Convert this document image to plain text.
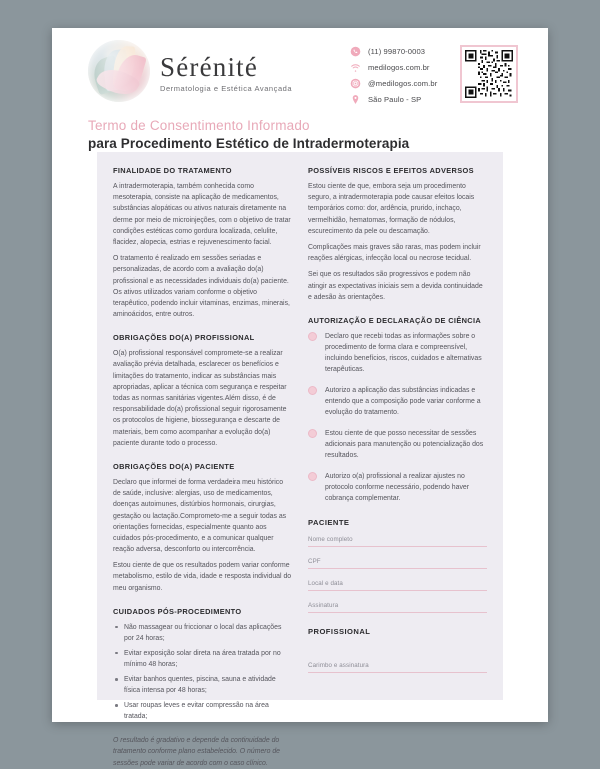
Sérénité
Dermatologia e Estética Avançada
(11) 99870-0003
medilogos.com.br
@medilogos.com.br
São Paulo - SP
Termo de Consentimento Informado
para Procedimento Estético de Intradermoterapia
FINALIDADE DO TRATAMENTO

A intradermoterapia, também conhecida como mesoterapia, consiste na aplicação de medicamentos, substâncias alopáticas ou ativos naturais diretamente na derme por meio de microinjeções, com o objetivo de tratar condições estéticas como gordura localizada, celulite, flacidez, alopecia, estrias e rejuvenescimento facial.

O tratamento é realizado em sessões seriadas e personalizadas, de acordo com a avaliação do(a) profissional e as necessidades individuais do(a) paciente. Os ativos utilizados variam conforme o objetivo terapêutico, podendo incluir vitaminas, enzimas, minerais, aminoácidos, entre outros.

OBRIGAÇÕES DO(A) PROFISSIONAL

O(a) profissional responsável compromete-se a realizar avaliação prévia detalhada, esclarecer os benefícios e limitações do tratamento, indicar as substâncias mais apropriadas, aplicar a técnica com segurança e respeitar todas as normas sanitárias vigentes.Além disso, é de responsabilidade do(a) profissional seguir rigorosamente os protocolos de higiene, biossegurança e descarte de materiais, bem como acompanhar a evolução do(a) paciente durante todo o processo.

OBRIGAÇÕES DO(A) PACIENTE

Declaro que informei de forma verdadeira meu histórico de saúde, inclusive: alergias, uso de medicamentos, doenças autoimunes, distúrbios hormonais, cirurgias, gestação ou lactação.Comprometo-me a seguir todas as orientações fornecidas, especialmente quanto aos cuidados pós-procedimento, e a comunicar qualquer reação adversa, desconforto ou intercorrência.

Estou ciente de que os resultados podem variar conforme metabolismo, estilo de vida, idade e resposta individual do meu organismo.

CUIDADOS PÓS-PROCEDIMENTO
Não massagear ou friccionar o local das aplicações por 24 horas;
Evitar exposição solar direta na área tratada por no mínimo 48 horas;
Evitar banhos quentes, piscina, sauna e atividade física intensa por 48 horas;
Usar roupas leves e evitar compressão na área tratada;

O resultado é gradativo e depende da continuidade do tratamento conforme plano estabelecido. O número de sessões pode variar de acordo com o caso clínico.

POSSÍVEIS RISCOS E EFEITOS ADVERSOS

Estou ciente de que, embora seja um procedimento seguro, a intradermoterapia pode causar efeitos locais temporários como: dor, ardência, prurido, inchaço, vermelhidão, hematomas, formação de nódulos, escurecimento da pele ou descamação.

Complicações mais graves são raras, mas podem incluir reações alérgicas, infecção local ou necrose tecidual.

Sei que os resultados são progressivos e podem não atingir as expectativas iniciais sem a devida continuidade e adesão às orientações.

AUTORIZAÇÃO E DECLARAÇÃO DE CIÊNCIA
Declaro que recebi todas as informações sobre o procedimento de forma clara e compreensível, incluindo benefícios, riscos, cuidados e alternativas terapêuticas.
Autorizo a aplicação das substâncias indicadas e entendo que a composição pode variar conforme a evolução do tratamento.
Estou ciente de que posso necessitar de sessões adicionais para manutenção ou potencialização dos resultados.
Autorizo o(a) profissional a realizar ajustes no protocolo conforme necessário, podendo haver cobrança complementar.
PACIENTE
Nome completo
CPF
Local e data
Assinatura
PROFISSIONAL
Carimbo e assinatura
